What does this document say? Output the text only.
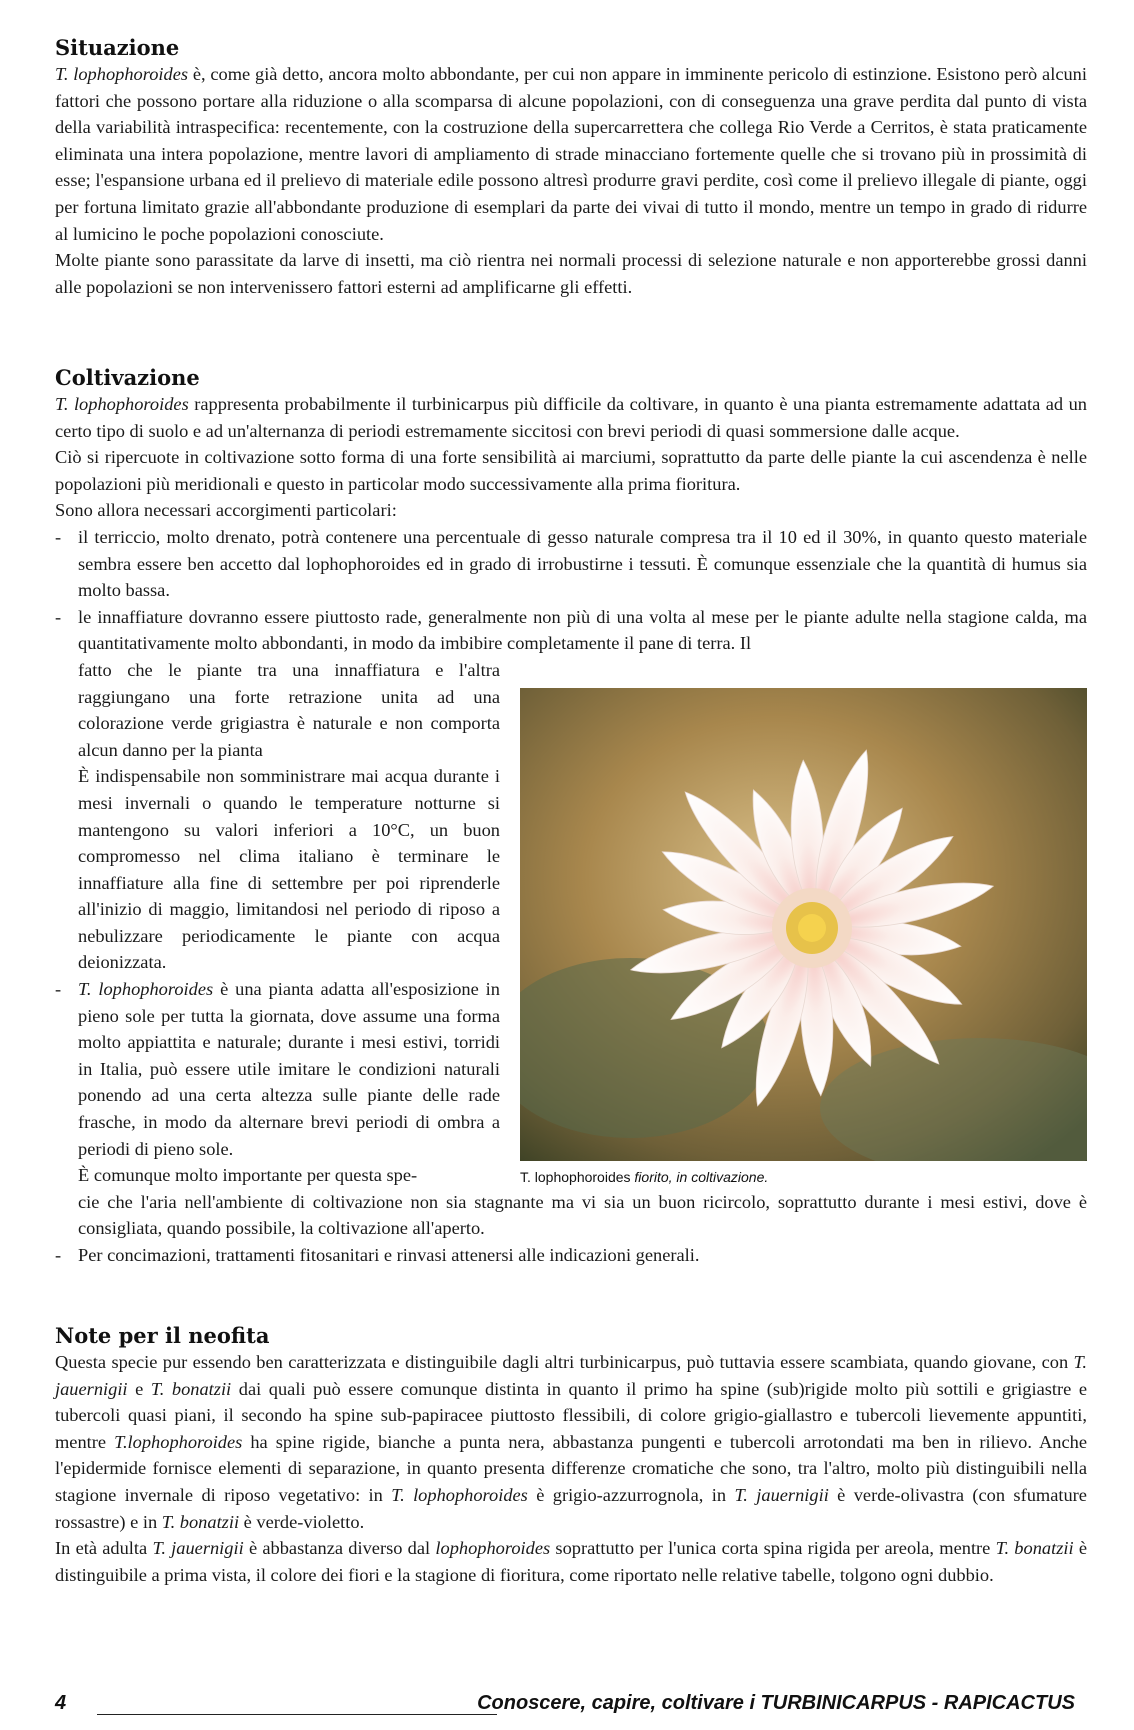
Situazione

T. lophophoroides è, come già detto, ancora molto abbondante, per cui non appare in imminente pericolo di estinzione. Esistono però alcuni fattori che possono portare alla riduzione o alla scomparsa di alcune popolazioni, con di conseguenza una grave perdita dal punto di vista della variabilità intraspecifica: recentemente, con la costruzione della supercarrettera che collega Rio Verde a Cerritos, è stata praticamente eliminata una intera popolazione, mentre lavori di ampliamento di strade minacciano fortemente quelle che si trovano più in prossimità di esse; l'espansione urbana ed il prelievo di materiale edile possono altresì produrre gravi perdite, così come il prelievo illegale di piante, oggi per fortuna limitato grazie all'abbondante produzione di esemplari da parte dei vivai di tutto il mondo, mentre un tempo in grado di ridurre al lumicino le poche popolazioni conosciute.

Molte piante sono parassitate da larve di insetti, ma ciò rientra nei normali processi di selezione naturale e non apporterebbe grossi danni alle popolazioni se non intervenissero fattori esterni ad amplificarne gli effetti.

Coltivazione

T. lophophoroides rappresenta probabilmente il turbinicarpus più difficile da coltivare, in quanto è una pianta estremamente adattata ad un certo tipo di suolo e ad un'alternanza di periodi estremamente siccitosi con brevi periodi di quasi sommersione dalle acque.

Ciò si ripercuote in coltivazione sotto forma di una forte sensibilità ai marciumi, soprattutto da parte delle piante la cui ascendenza è nelle popolazioni più meridionali e questo in particolar modo successivamente alla prima fioritura.

Sono allora necessari accorgimenti particolari:

- il terriccio, molto drenato, potrà contenere una percentuale di gesso naturale compresa tra il 10 ed il 30%, in quanto questo materiale sembra essere ben accetto dal lophophoroides ed in grado di irrobustirne i tessuti. È comunque essenziale che la quantità di humus sia molto bassa.
- le innaffiature dovranno essere piuttosto rade, generalmente non più di una volta al mese per le piante adulte nella stagione calda, ma quantitativamente molto abbondanti, in modo da imbibire completamente il pane di terra. Il
fatto che le piante tra una innaffiatura e l'altra raggiungano una forte retrazione unita ad una colorazione verde grigiastra è naturale e non comporta alcun danno per la pianta
È indispensabile non somministrare mai acqua durante i mesi invernali o quando le temperature notturne si mantengono su valori inferiori a 10°C, un buon compromesso nel clima italiano è terminare le innaffiature alla fine di settembre per poi riprenderle all'inizio di maggio, limitandosi nel periodo di riposo a nebulizzare periodicamente le piante con acqua deionizzata.
- T. lophophoroides è una pianta adatta all'esposizione in pieno sole per tutta la giornata, dove assume una forma molto appiattita e naturale; durante i mesi estivi, torridi in Italia, può essere utile imitare le condizioni naturali ponendo ad una certa altezza sulle piante delle rade frasche, in modo da alternare brevi periodi di ombra a periodi di pieno sole.
È comunque molto importante per questa spe-
cie che l'aria nell'ambiente di coltivazione non sia stagnante ma vi sia un buon ricircolo, soprattutto durante i mesi estivi, dove è consigliata, quando possibile, la coltivazione all'aperto.
- Per concimazioni, trattamenti fitosanitari e rinvasi attenersi alle indicazioni generali.
T. lophophoroides fiorito, in coltivazione.
Note per il neofita

Questa specie pur essendo ben caratterizzata e distinguibile dagli altri turbinicarpus, può tuttavia essere scambiata, quando giovane, con T. jauernigii e T. bonatzii dai quali può essere comunque distinta in quanto il primo ha spine (sub)rigide molto più sottili e grigiastre e tubercoli quasi piani, il secondo ha spine sub-papiracee piuttosto flessibili, di colore grigio-giallastro e tubercoli lievemente appuntiti, mentre T.lophophoroides ha spine rigide, bianche a punta nera, abbastanza pungenti e tubercoli arrotondati ma ben in rilievo. Anche l'epidermide fornisce elementi di separazione, in quanto presenta differenze cromatiche che sono, tra l'altro, molto più distinguibili nella stagione invernale di riposo vegetativo: in T. lophophoroides è grigio-azzurrognola, in T. jauernigii è verde-olivastra (con sfumature rossastre) e in T. bonatzii è verde-violetto.

In età adulta T. jauernigii è abbastanza diverso dal lophophoroides soprattutto per l'unica corta spina rigida per areola, mentre T. bonatzii è distinguibile a prima vista, il colore dei fiori e la stagione di fioritura, come riportato nelle relative tabelle, tolgono ogni dubbio.

4	Conoscere, capire, coltivare i TURBINICARPUS - RAPICACTUS
